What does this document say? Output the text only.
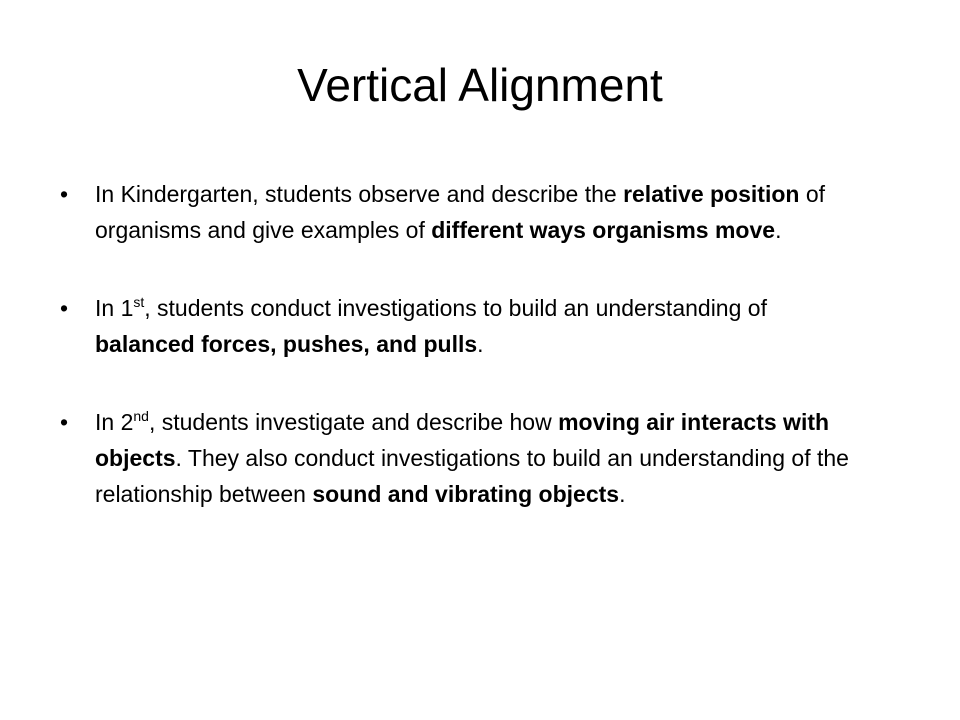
Vertical Alignment
•	In Kindergarten, students observe and describe the relative position of organisms and give examples of different ways organisms move.
•	In 1st, students conduct investigations to build an understanding of balanced forces, pushes, and pulls.
•	In 2nd, students investigate and describe how moving air interacts with objects. They also conduct investigations to build an understanding of the relationship between sound and vibrating objects.
